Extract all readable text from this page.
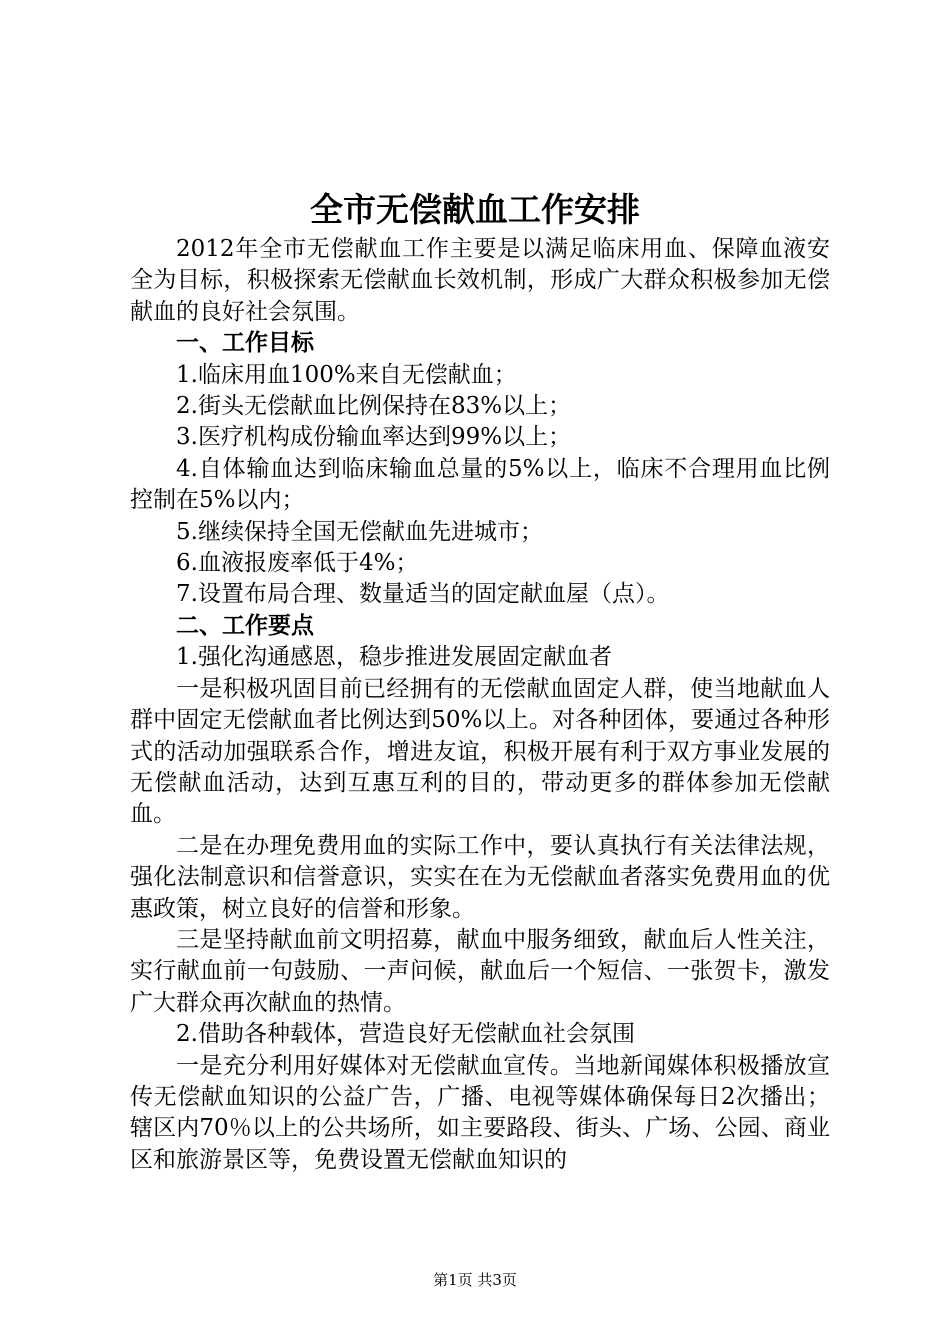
全市无偿献血工作安排

2012年全市无偿献血工作主要是以满足临床用血、保障血液安全为目标，积极探索无偿献血长效机制，形成广大群众积极参加无偿献血的良好社会氛围。

一、工作目标

1.临床用血100%来自无偿献血；

2.街头无偿献血比例保持在83%以上；

3.医疗机构成份输血率达到99%以上；

4.自体输血达到临床输血总量的5%以上，临床不合理用血比例控制在5%以内；

5.继续保持全国无偿献血先进城市；

6.血液报废率低于4%；

7.设置布局合理、数量适当的固定献血屋（点）。

二、工作要点

1.强化沟通感恩，稳步推进发展固定献血者

一是积极巩固目前已经拥有的无偿献血固定人群，使当地献血人群中固定无偿献血者比例达到50%以上。对各种团体，要通过各种形式的活动加强联系合作，增进友谊，积极开展有利于双方事业发展的无偿献血活动，达到互惠互利的目的，带动更多的群体参加无偿献血。

二是在办理免费用血的实际工作中，要认真执行有关法律法规，强化法制意识和信誉意识，实实在在为无偿献血者落实免费用血的优惠政策，树立良好的信誉和形象。

三是坚持献血前文明招募，献血中服务细致，献血后人性关注，实行献血前一句鼓励、一声问候，献血后一个短信、一张贺卡，激发广大群众再次献血的热情。

2.借助各种载体，营造良好无偿献血社会氛围

一是充分利用好媒体对无偿献血宣传。当地新闻媒体积极播放宣传无偿献血知识的公益广告，广播、电视等媒体确保每日2次播出；辖区内70％以上的公共场所，如主要路段、街头、广场、公园、商业区和旅游景区等，免费设置无偿献血知识的

第1页 共3页
